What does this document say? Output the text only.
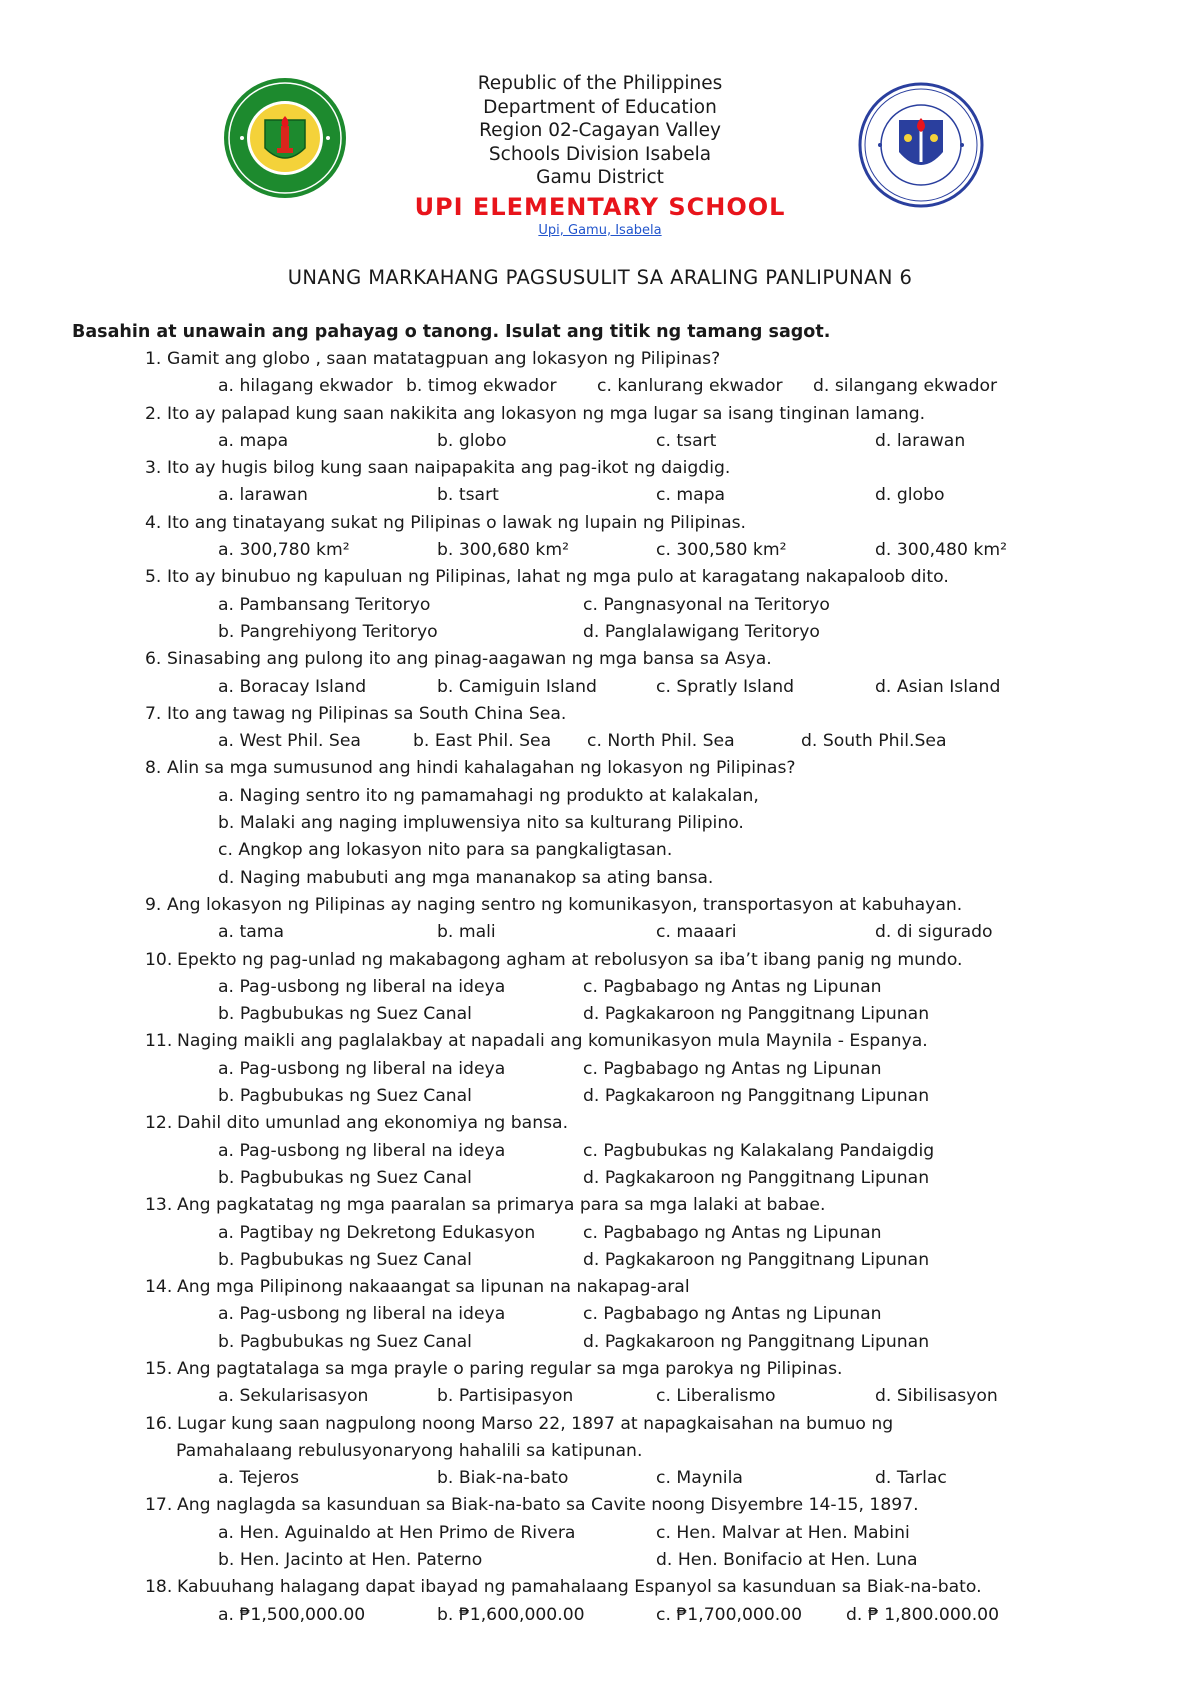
Republic of the Philippines
Department of Education
Region 02-Cagayan Valley
Schools Division Isabela
Gamu District
UPI ELEMENTARY SCHOOL
Upi, Gamu, Isabela
UNANG MARKAHANG PAGSUSULIT SA ARALING PANLIPUNAN 6
Basahin at unawain ang pahayag o tanong. Isulat ang titik ng tamang sagot.
1. Gamit ang globo , saan matatagpuan ang lokasyon ng Pilipinas?
a. hilagang ekwador b. timog ekwador c. kanlurang ekwador d. silangang ekwador
2. Ito ay palapad kung saan nakikita ang lokasyon ng mga lugar sa isang tinginan lamang.
a. mapa	b. globo	c. tsart	d. larawan
3. Ito ay hugis bilog kung saan naipapakita ang pag-ikot ng daigdig.
a. larawan	b. tsart	c. mapa	d. globo
4. Ito ang tinatayang sukat ng Pilipinas o lawak ng lupain ng Pilipinas.
a. 300,780 km²	b. 300,680 km²	c. 300,580 km²	d. 300,480 km²
5. Ito ay binubuo ng kapuluan ng Pilipinas, lahat ng mga pulo at karagatang nakapaloob dito.
a. Pambansang Teritoryo	c. Pangnasyonal na Teritoryo
b. Pangrehiyong Teritoryo	d. Panglalawigang Teritoryo
6. Sinasabing ang pulong ito ang pinag-aagawan ng mga bansa sa Asya.
a. Boracay Island	b. Camiguin Island	c. Spratly Island	d. Asian Island
7. Ito ang tawag ng Pilipinas sa South China Sea.
a. West Phil. Sea	b. East Phil. Sea c. North Phil. Sea	d. South Phil.Sea
8. Alin sa mga sumusunod ang hindi kahalagahan ng lokasyon ng Pilipinas?
a. Naging sentro ito ng pamamahagi ng produkto at kalakalan,
b. Malaki ang naging impluwensiya nito sa kulturang Pilipino.
c. Angkop ang lokasyon nito para sa pangkaligtasan.
d. Naging mabubuti ang mga mananakop sa ating bansa.
9. Ang lokasyon ng Pilipinas ay naging sentro ng komunikasyon, transportasyon at kabuhayan.
a. tama	b. mali	c. maaari	d. di sigurado
10. Epekto ng pag-unlad ng makabagong agham at rebolusyon sa iba’t ibang panig ng mundo.
a. Pag-usbong ng liberal na ideya	c. Pagbabago ng Antas ng Lipunan
b. Pagbubukas ng Suez Canal	d. Pagkakaroon ng Panggitnang Lipunan
11. Naging maikli ang paglalakbay at napadali ang komunikasyon mula Maynila - Espanya.
a. Pag-usbong ng liberal na ideya	c. Pagbabago ng Antas ng Lipunan
b. Pagbubukas ng Suez Canal	d. Pagkakaroon ng Panggitnang Lipunan
12. Dahil dito umunlad ang ekonomiya ng bansa.
a. Pag-usbong ng liberal na ideya	c. Pagbubukas ng Kalakalang Pandaigdig
b. Pagbubukas ng Suez Canal	d. Pagkakaroon ng Panggitnang Lipunan
13. Ang pagkatatag ng mga paaralan sa primarya para sa mga lalaki at babae.
a. Pagtibay ng Dekretong Edukasyon	c. Pagbabago ng Antas ng Lipunan
b. Pagbubukas ng Suez Canal	d. Pagkakaroon ng Panggitnang Lipunan
14. Ang mga Pilipinong nakaaangat sa lipunan na nakapag-aral
a. Pag-usbong ng liberal na ideya	c. Pagbabago ng Antas ng Lipunan
b. Pagbubukas ng Suez Canal	d. Pagkakaroon ng Panggitnang Lipunan
15. Ang pagtatalaga sa mga prayle o paring regular sa mga parokya ng Pilipinas.
a. Sekularisasyon	b. Partisipasyon	c. Liberalismo	d. Sibilisasyon
16. Lugar kung saan nagpulong noong Marso 22, 1897 at napagkaisahan na bumuo ng
Pamahalaang rebulusyonaryong hahalili sa katipunan.
a. Tejeros	b. Biak-na-bato	c. Maynila	d. Tarlac
17. Ang naglagda sa kasunduan sa Biak-na-bato sa Cavite noong Disyembre 14-15, 1897.
a. Hen. Aguinaldo at Hen Primo de Rivera	c. Hen. Malvar at Hen. Mabini
b. Hen. Jacinto at Hen. Paterno	d. Hen. Bonifacio at Hen. Luna
18. Kabuuhang halagang dapat ibayad ng pamahalaang Espanyol sa kasunduan sa Biak-na-bato.
a. ₱1,500,000.00	b. ₱1,600,000.00	c. ₱1,700,000.00	d. ₱ 1,800.000.00
